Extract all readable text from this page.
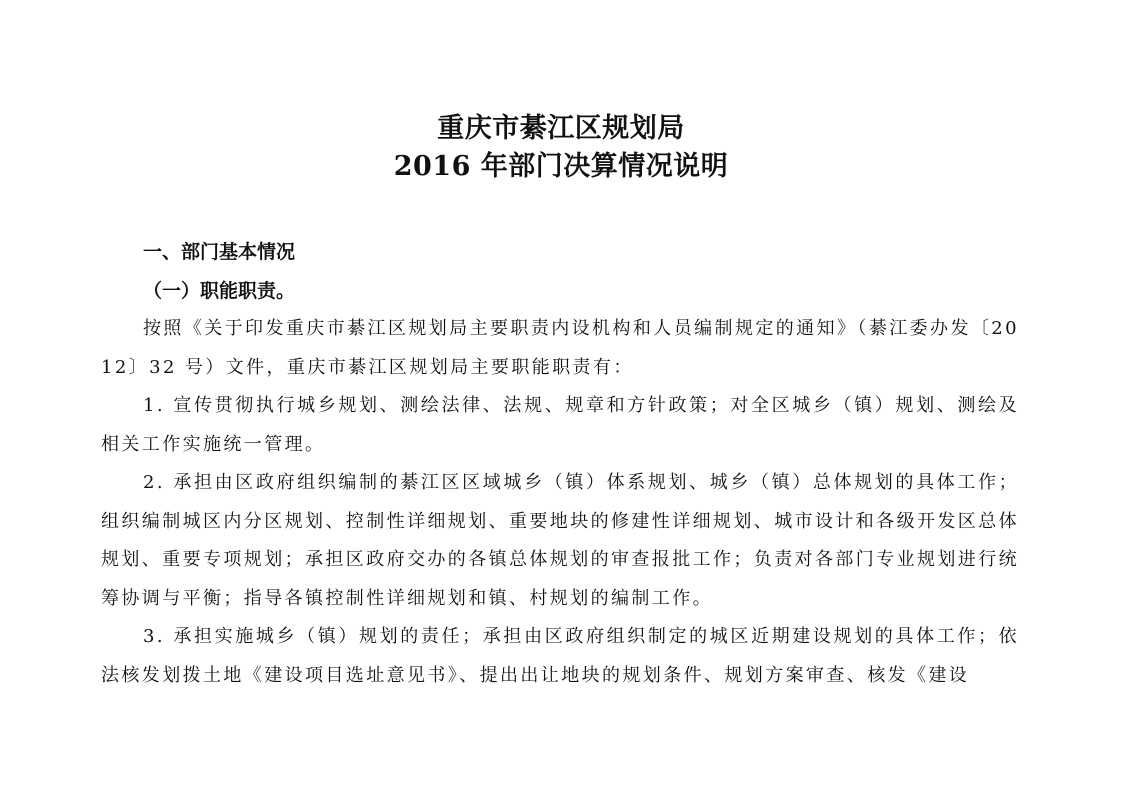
重庆市綦江区规划局

2016 年部门决算情况说明

一、部门基本情况

（一）职能职责。

按照《关于印发重庆市綦江区规划局主要职责内设机构和人员编制规定的通知》（綦江委办发〔2012〕32 号）文件，重庆市綦江区规划局主要职能职责有：

1. 宣传贯彻执行城乡规划、测绘法律、法规、规章和方针政策；对全区城乡（镇）规划、测绘及相关工作实施统一管理。

2. 承担由区政府组织编制的綦江区区域城乡（镇）体系规划、城乡（镇）总体规划的具体工作；组织编制城区内分区规划、控制性详细规划、重要地块的修建性详细规划、城市设计和各级开发区总体规划、重要专项规划；承担区政府交办的各镇总体规划的审查报批工作；负责对各部门专业规划进行统筹协调与平衡；指导各镇控制性详细规划和镇、村规划的编制工作。

3. 承担实施城乡（镇）规划的责任；承担由区政府组织制定的城区近期建设规划的具体工作；依法核发划拨土地《建设项目选址意见书》、提出出让地块的规划条件、规划方案审查、核发《建设
